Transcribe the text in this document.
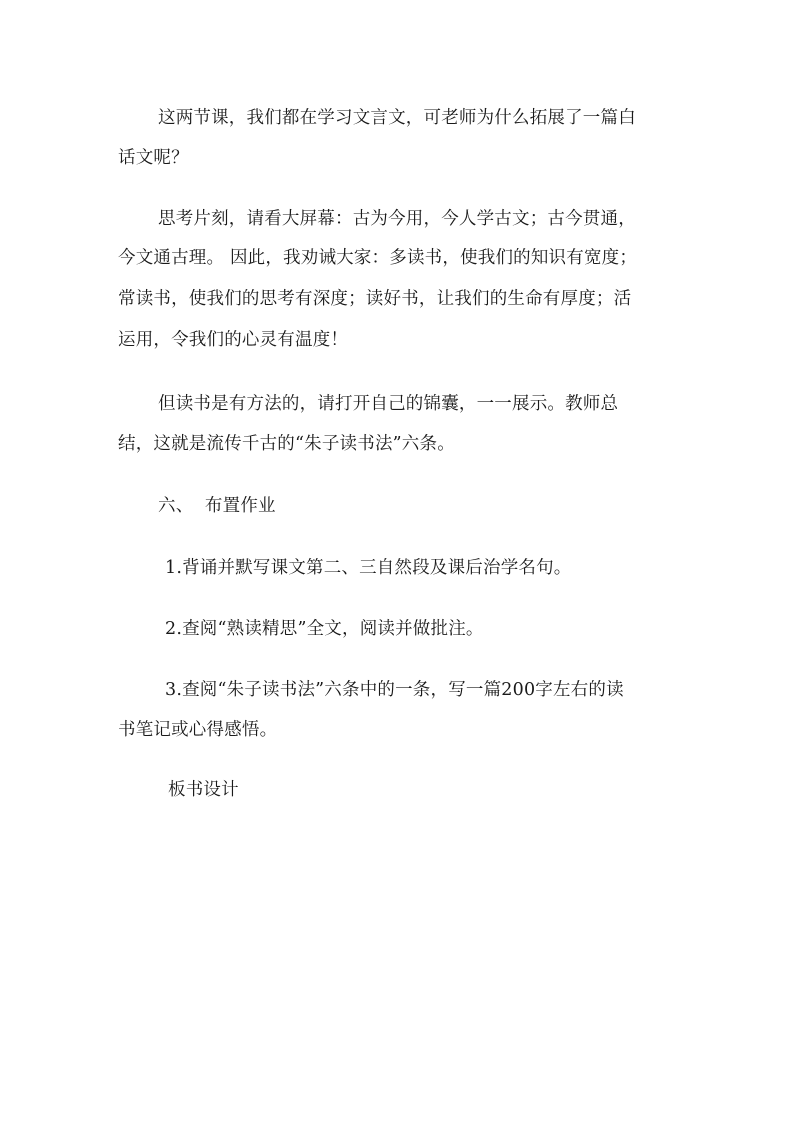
这两节课，我们都在学习文言文，可老师为什么拓展了一篇白
话文呢？
思考片刻，请看大屏幕：古为今用，今人学古文；古今贯通，
今文通古理。 因此，我劝诫大家：多读书，使我们的知识有宽度；
常读书，使我们的思考有深度；读好书，让我们的生命有厚度；活
运用，令我们的心灵有温度！
但读书是有方法的，请打开自己的锦囊，一一展示。教师总
结，这就是流传千古的“朱子读书法”六条。
六、  布置作业
1.背诵并默写课文第二、三自然段及课后治学名句。
2.查阅“熟读精思”全文，阅读并做批注。
3.查阅“朱子读书法”六条中的一条，写一篇200字左右的读
书笔记或心得感悟。
板书设计
